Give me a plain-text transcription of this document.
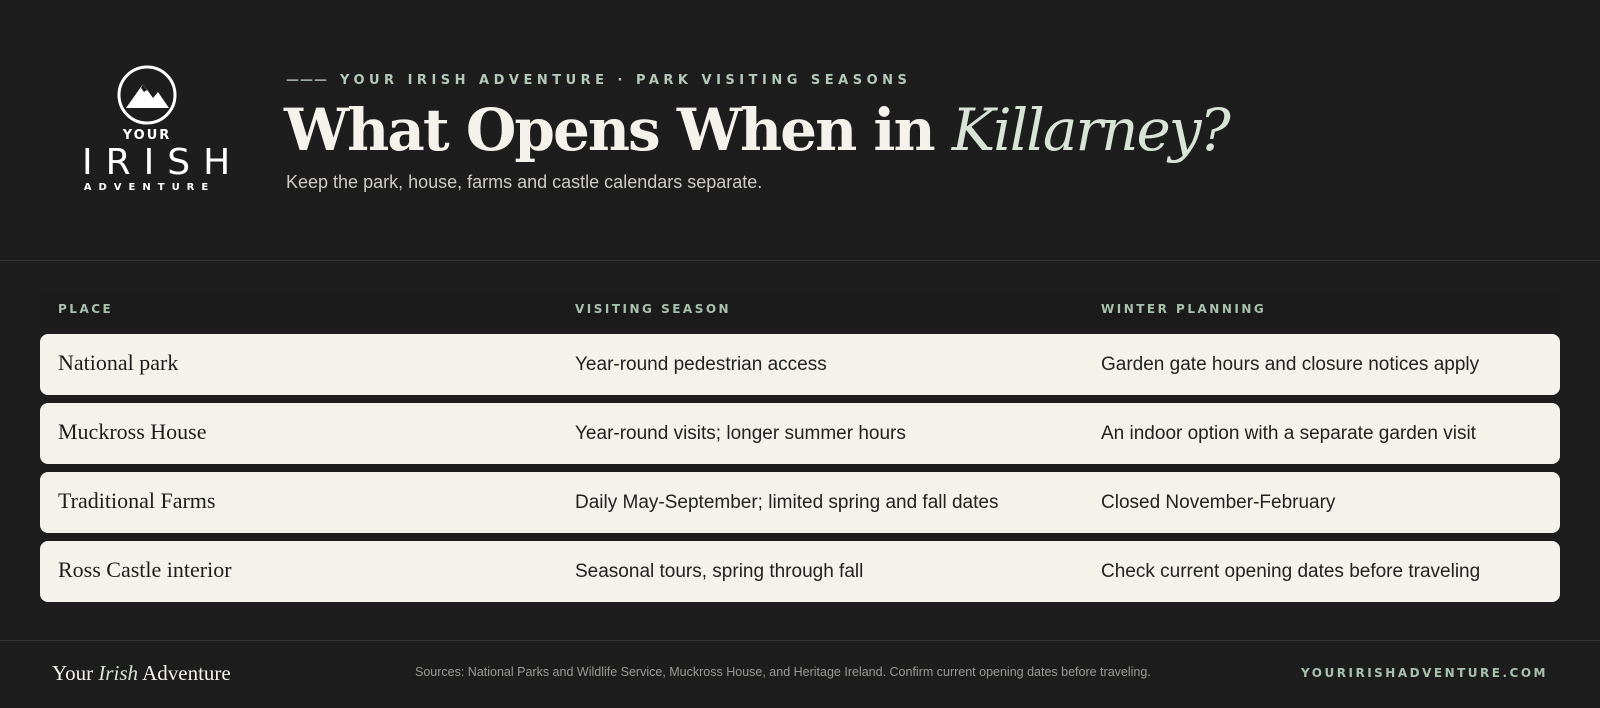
YOUR
IRISH
ADVENTURE
——— YOUR IRISH ADVENTURE · PARK VISITING SEASONS
What Opens When in Killarney?
Keep the park, house, farms and castle calendars separate.
PLACE	VISITING SEASON	WINTER PLANNING
National park	Year-round pedestrian access	Garden gate hours and closure notices apply
Muckross House	Year-round visits; longer summer hours	An indoor option with a separate garden visit
Traditional Farms	Daily May-September; limited spring and fall dates	Closed November-February
Ross Castle interior	Seasonal tours, spring through fall	Check current opening dates before traveling
Your Irish Adventure	Sources: National Parks and Wildlife Service, Muckross House, and Heritage Ireland. Confirm current opening dates before traveling.	YOURIRISHADVENTURE.COM
